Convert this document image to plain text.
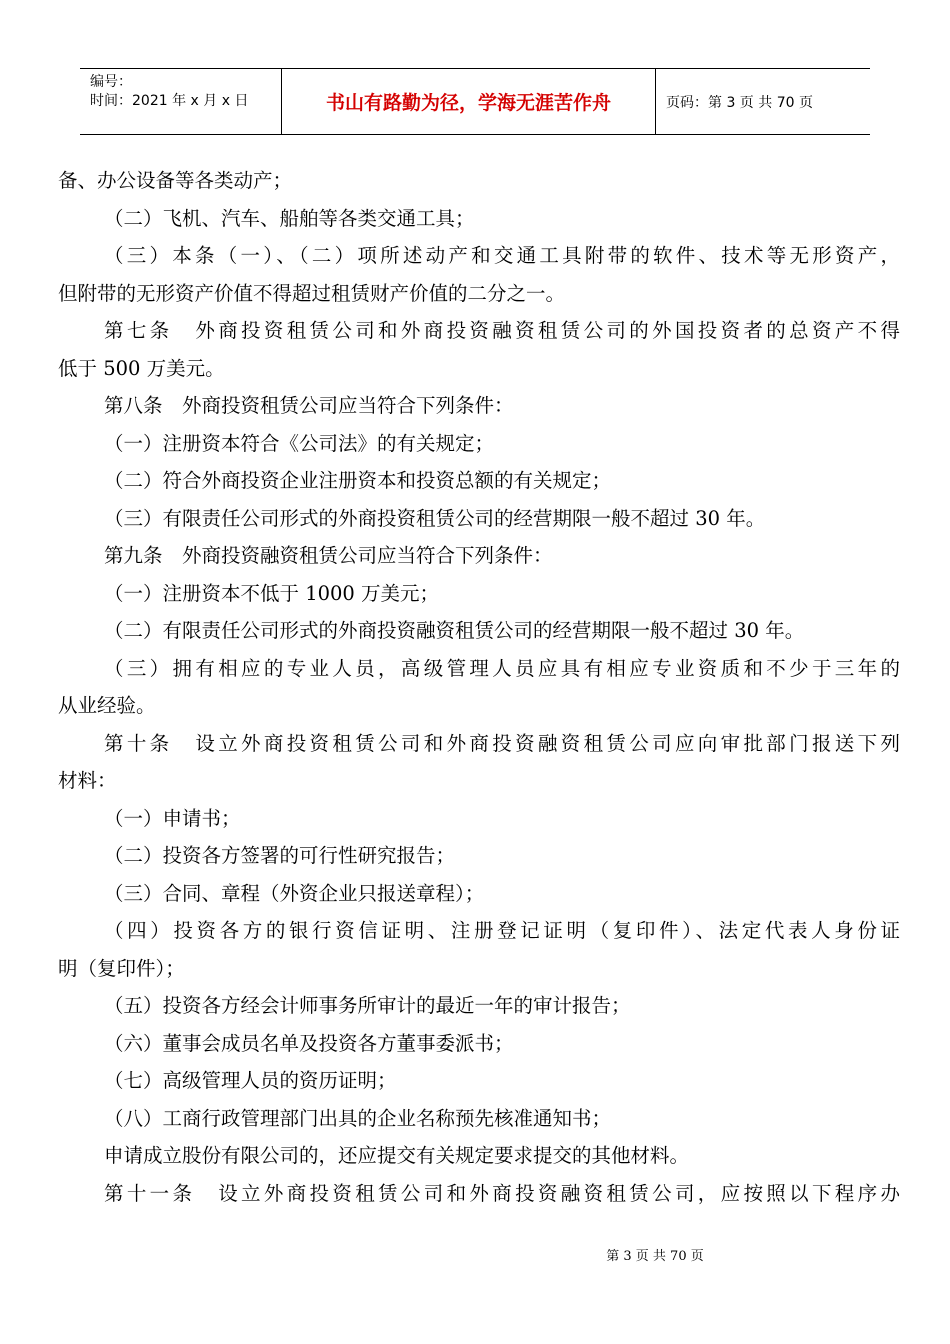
编号：
时间：2021 年 x 月 x 日	书山有路勤为径，学海无涯苦作舟	页码：第 3 页 共 70 页

备、办公设备等各类动产；

（二）飞机、汽车、船舶等各类交通工具；

（三）本条（一）、（二）项所述动产和交通工具附带的软件、技术等无形资产，

但附带的无形资产价值不得超过租赁财产价值的二分之一。

第七条　外商投资租赁公司和外商投资融资租赁公司的外国投资者的总资产不得

低于 500 万美元。

第八条　外商投资租赁公司应当符合下列条件：

（一）注册资本符合《公司法》的有关规定；

（二）符合外商投资企业注册资本和投资总额的有关规定；

（三）有限责任公司形式的外商投资租赁公司的经营期限一般不超过 30 年。

第九条　外商投资融资租赁公司应当符合下列条件：

（一）注册资本不低于 1000 万美元；

（二）有限责任公司形式的外商投资融资租赁公司的经营期限一般不超过 30 年。

（三）拥有相应的专业人员，高级管理人员应具有相应专业资质和不少于三年的

从业经验。

第十条　设立外商投资租赁公司和外商投资融资租赁公司应向审批部门报送下列

材料：

（一）申请书；

（二）投资各方签署的可行性研究报告；

（三）合同、章程（外资企业只报送章程）；

（四）投资各方的银行资信证明、注册登记证明（复印件）、法定代表人身份证

明（复印件）；

（五）投资各方经会计师事务所审计的最近一年的审计报告；

（六）董事会成员名单及投资各方董事委派书；

（七）高级管理人员的资历证明；

（八）工商行政管理部门出具的企业名称预先核准通知书；

申请成立股份有限公司的，还应提交有关规定要求提交的其他材料。

第十一条　设立外商投资租赁公司和外商投资融资租赁公司，应按照以下程序办

第 3 页 共 70 页
